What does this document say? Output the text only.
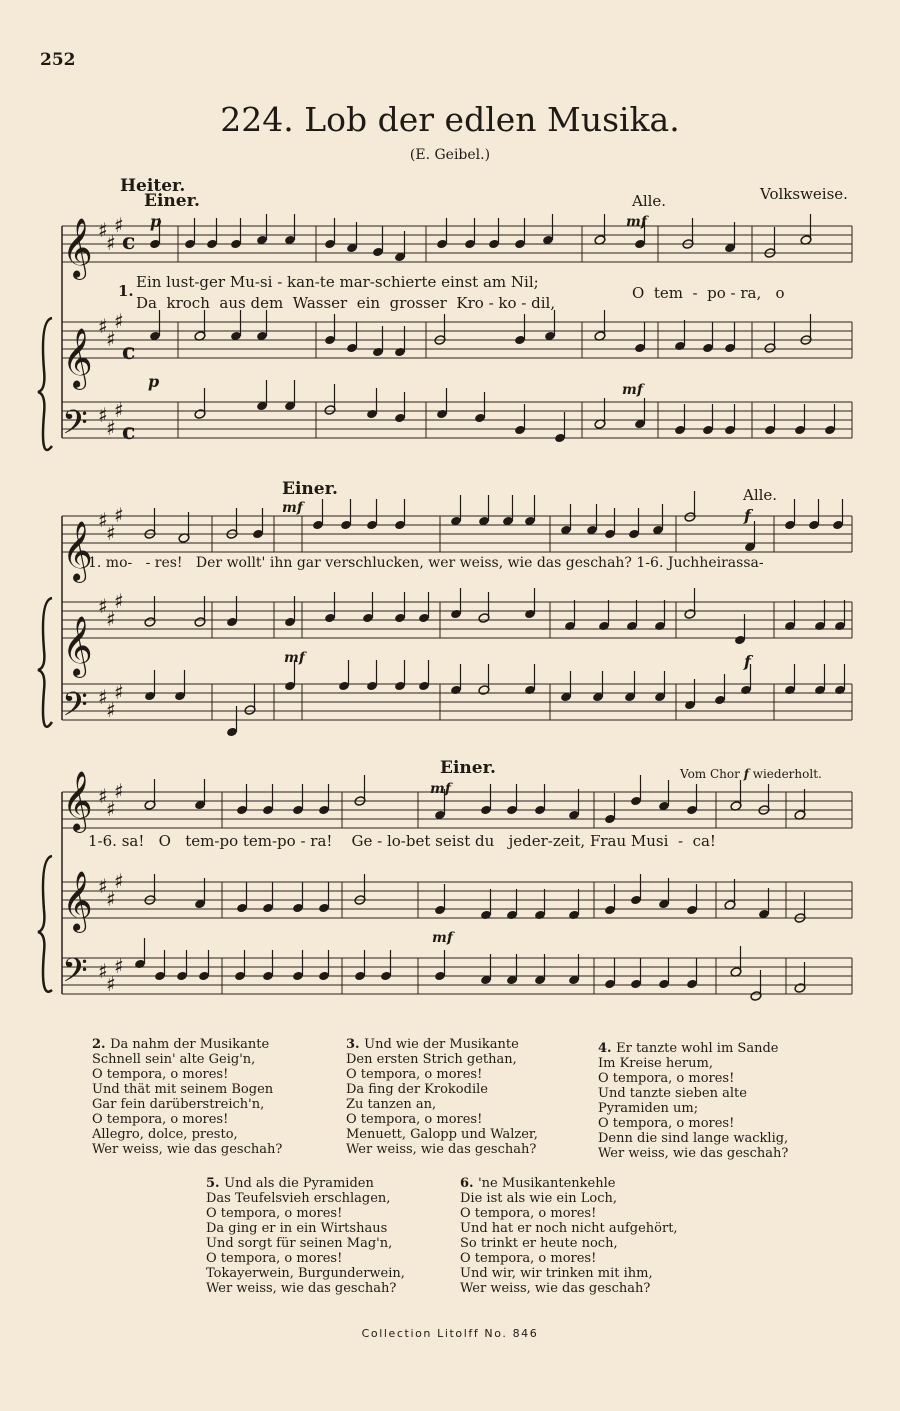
252
224. Lob der edlen Musika.
(E. Geibel.)
Heiter.	Volksweise.
𝄞
𝄞
𝄢
c
c
c
𝄞
𝄞
𝄢
𝄞
𝄞
𝄢
♯
♯
♯
♯
♯
♯
♯
♯
♯
♯
♯
♯
♯
♯
♯
♯
♯
♯
♯
♯
♯
♯
♯
♯
♯
♯
♯
Einer.	Alle.
Einer.	Alle.
Einer.	Vom Chor f wiederholt.
p
p
mf
mf
mf
mf
f
f
mf
mf
1. Ein lust-ger Mu-si - kan-te mar-schierte einst am Nil;
Da  kroch  aus dem  Wasser  ein  grosser  Kro - ko - dil,
O  tem  -  po - ra,   o
1. mo-   - res!   Der wollt' ihn gar verschlucken, wer weiss, wie das geschah? 1-6. Juchheirassa-
1-6. sa!   O   tem-po tem-po - ra!    Ge - lo-bet seist du   jeder-zeit, Frau Musi  -  ca!
2. Da nahm der Musikante
Schnell sein' alte Geig'n,
O tempora, o mores!
Und thät mit seinem Bogen
Gar fein darüberstreich'n,
O tempora, o mores!
Allegro, dolce, presto,
Wer weiss, wie das geschah?
3. Und wie der Musikante
Den ersten Strich gethan,
O tempora, o mores!
Da fing der Krokodile
Zu tanzen an,
O tempora, o mores!
Menuett, Galopp und Walzer,
Wer weiss, wie das geschah?
4. Er tanzte wohl im Sande
Im Kreise herum,
O tempora, o mores!
Und tanzte sieben alte
Pyramiden um;
O tempora, o mores!
Denn die sind lange wacklig,
Wer weiss, wie das geschah?
5. Und als die Pyramiden
Das Teufelsvieh erschlagen,
O tempora, o mores!
Da ging er in ein Wirtshaus
Und sorgt für seinen Mag'n,
O tempora, o mores!
Tokayerwein, Burgunderwein,
Wer weiss, wie das geschah?
6. 'ne Musikantenkehle
Die ist als wie ein Loch,
O tempora, o mores!
Und hat er noch nicht aufgehört,
So trinkt er heute noch,
O tempora, o mores!
Und wir, wir trinken mit ihm,
Wer weiss, wie das geschah?
Collection Litolff No. 846
